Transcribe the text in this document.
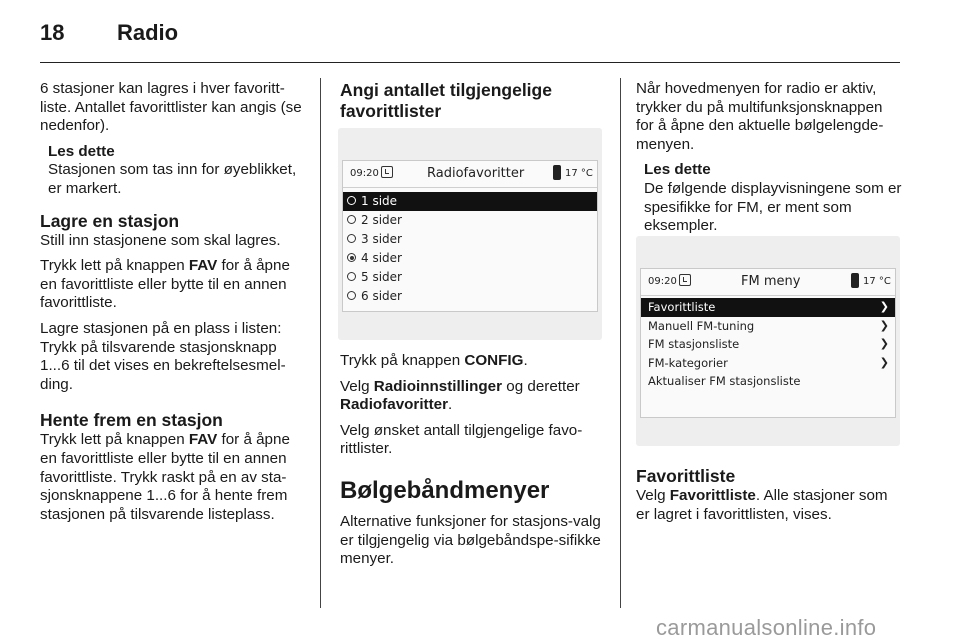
18 Radio

6 stasjoner kan lagres i hver favoritt-liste. Antallet favorittlister kan angis (se nedenfor).

Les dette
Stasjonen som tas inn for øyeblikket, er markert.
Lagre en stasjon

Still inn stasjonene som skal lagres.

Trykk lett på knappen FAV for å åpne en favorittliste eller bytte til en annen favorittliste.

Lagre stasjonen på en plass i listen: Trykk på tilsvarende stasjonsknapp 1...6 til det vises en bekreftelsesmel-ding.

Hente frem en stasjon

Trykk lett på knappen FAV for å åpne en favorittliste eller bytte til en annen favorittliste. Trykk raskt på en av sta-sjonsknappene 1...6 for å hente frem stasjonen på tilsvarende listeplass.

Angi antallet tilgjengelige favorittlister
09:20	Radiofavoritter	17 °C
1 side
2 sider
3 sider
4 sider
5 sider
6 sider

Trykk på knappen CONFIG.

Velg Radioinnstillinger og deretter Radiofavoritter.

Velg ønsket antall tilgjengelige favo-rittlister.

Bølgebåndmenyer

Alternative funksjoner for stasjons-valg er tilgjengelig via bølgebåndspe-sifikke menyer.

Når hovedmenyen for radio er aktiv, trykker du på multifunksjonsknappen for å åpne den aktuelle bølgelengde-menyen.

Les dette
De følgende displayvisningene som er spesifikke for FM, er ment som eksempler.
09:20	FM meny	17 °C
Favorittliste	❯
Manuell FM-tuning	❯
FM stasjonsliste	❯
FM-kategorier	❯
Aktualiser FM stasjonsliste
Favorittliste

Velg Favorittliste. Alle stasjoner som er lagret i favorittlisten, vises.

carmanualsonline.info
